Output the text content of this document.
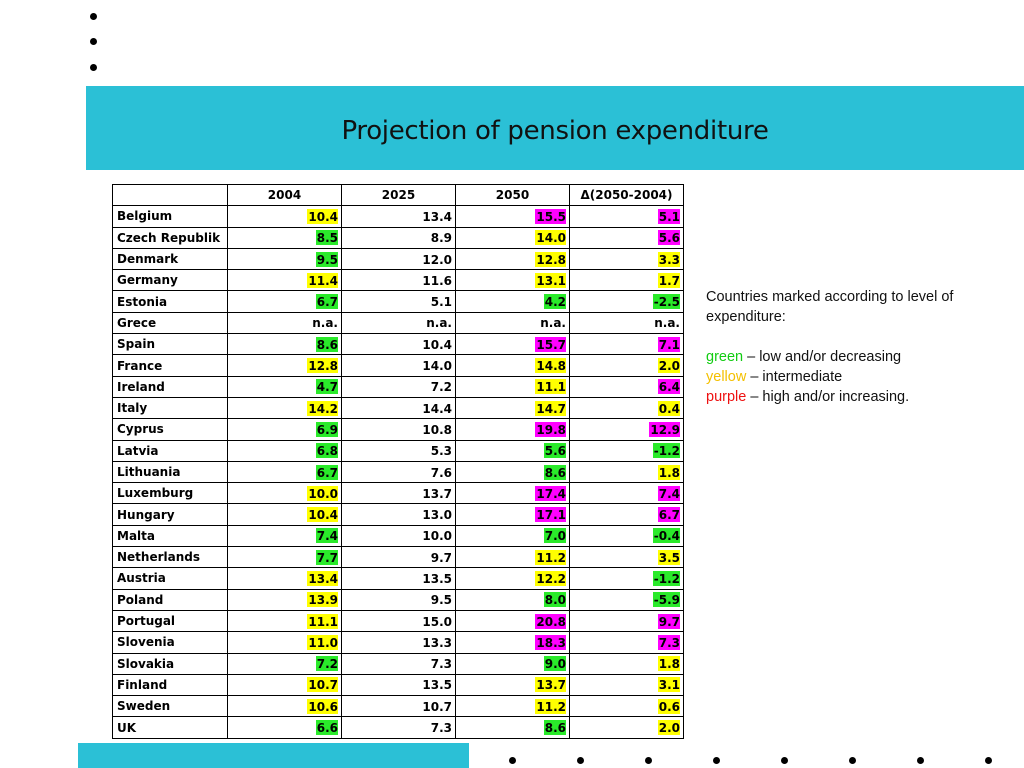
Projection of pension expenditure
	2004	2025	2050	Δ(2050-2004)
Belgium	10.4	13.4	15.5	5.1
Czech Republik	8.5	8.9	14.0	5.6
Denmark	9.5	12.0	12.8	3.3
Germany	11.4	11.6	13.1	1.7
Estonia	6.7	5.1	4.2	-2.5
Grece	n.a.	n.a.	n.a.	n.a.
Spain	8.6	10.4	15.7	7.1
France	12.8	14.0	14.8	2.0
Ireland	4.7	7.2	11.1	6.4
Italy	14.2	14.4	14.7	0.4
Cyprus	6.9	10.8	19.8	12.9
Latvia	6.8	5.3	5.6	-1.2
Lithuania	6.7	7.6	8.6	1.8
Luxemburg	10.0	13.7	17.4	7.4
Hungary	10.4	13.0	17.1	6.7
Malta	7.4	10.0	7.0	-0.4
Netherlands	7.7	9.7	11.2	3.5
Austria	13.4	13.5	12.2	-1.2
Poland	13.9	9.5	8.0	-5.9
Portugal	11.1	15.0	20.8	9.7
Slovenia	11.0	13.3	18.3	7.3
Slovakia	7.2	7.3	9.0	1.8
Finland	10.7	13.5	13.7	3.1
Sweden	10.6	10.7	11.2	0.6
UK	6.6	7.3	8.6	2.0

Countries marked according to level of expenditure:

green – low and/or decreasing

yellow – intermediate

purple – high and/or increasing.
